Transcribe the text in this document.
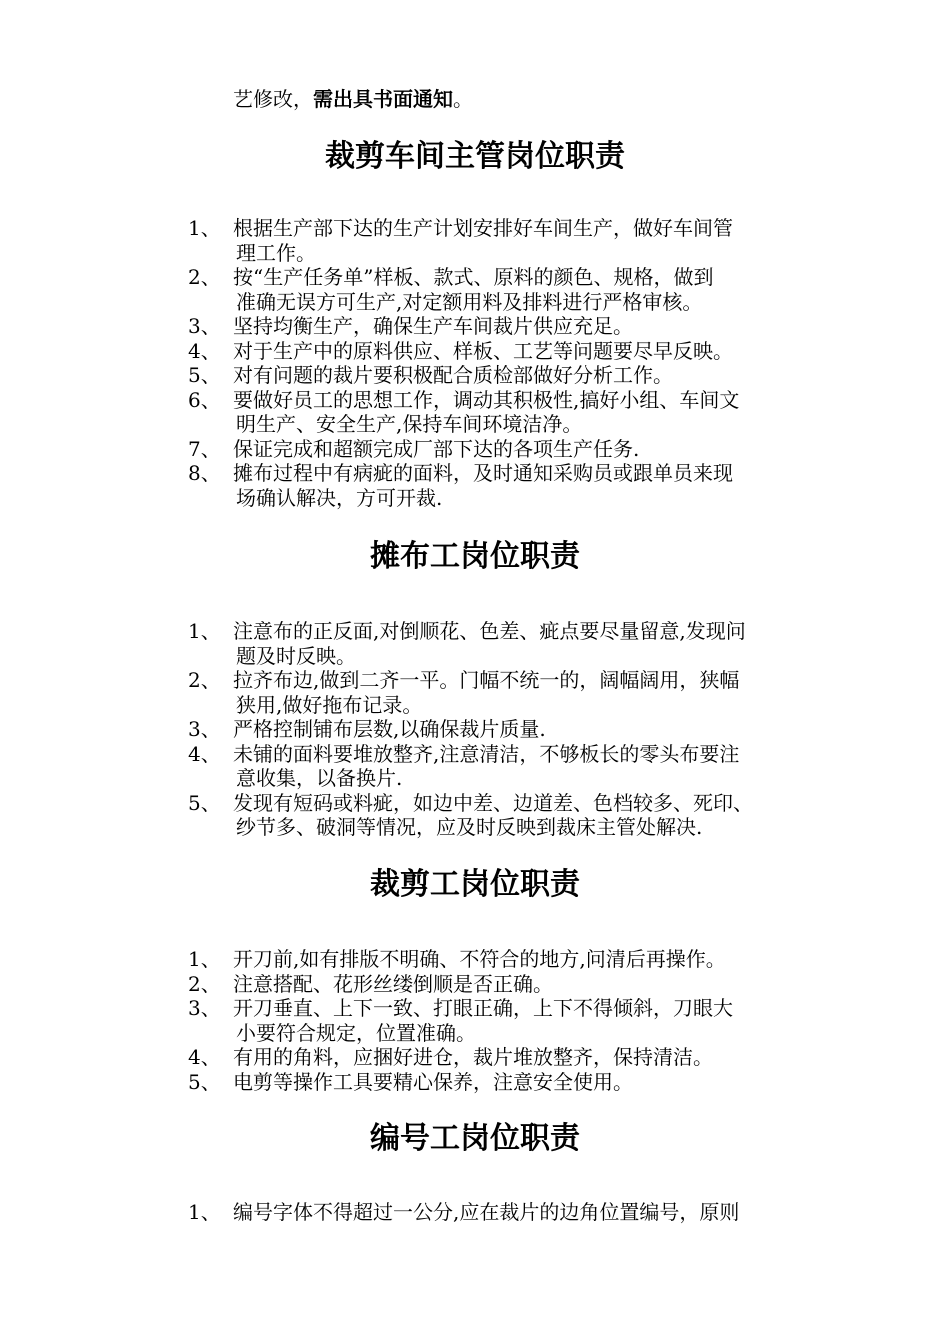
艺修改，需出具书面通知。
裁剪车间主管岗位职责
1、 根据生产部下达的生产计划安排好车间生产，做好车间管
理工作。
2、 按“生产任务单”样板、款式、原料的颜色、规格，做到
准确无误方可生产,对定额用料及排料进行严格审核。
3、 坚持均衡生产，确保生产车间裁片供应充足。
4、 对于生产中的原料供应、样板、工艺等问题要尽早反映。
5、 对有问题的裁片要积极配合质检部做好分析工作。
6、 要做好员工的思想工作，调动其积极性,搞好小组、车间文
明生产、安全生产,保持车间环境洁净。
7、 保证完成和超额完成厂部下达的各项生产任务.
8、 摊布过程中有病疵的面料，及时通知采购员或跟单员来现
场确认解决，方可开裁.
摊布工岗位职责
1、 注意布的正反面,对倒顺花、色差、疵点要尽量留意,发现问
题及时反映。
2、 拉齐布边,做到二齐一平。门幅不统一的，阔幅阔用，狭幅
狭用,做好拖布记录。
3、 严格控制铺布层数,以确保裁片质量.
4、 未铺的面料要堆放整齐,注意清洁，不够板长的零头布要注
意收集，以备换片.
5、 发现有短码或料疵，如边中差、边道差、色档较多、死印、
纱节多、破洞等情况，应及时反映到裁床主管处解决.
裁剪工岗位职责
1、 开刀前,如有排版不明确、不符合的地方,问清后再操作。
2、 注意搭配、花形丝缕倒顺是否正确。
3、 开刀垂直、上下一致、打眼正确，上下不得倾斜，刀眼大
小要符合规定，位置准确。
4、 有用的角料，应捆好进仓，裁片堆放整齐，保持清洁。
5、 电剪等操作工具要精心保养，注意安全使用。
编号工岗位职责
1、 编号字体不得超过一公分,应在裁片的边角位置编号，原则
